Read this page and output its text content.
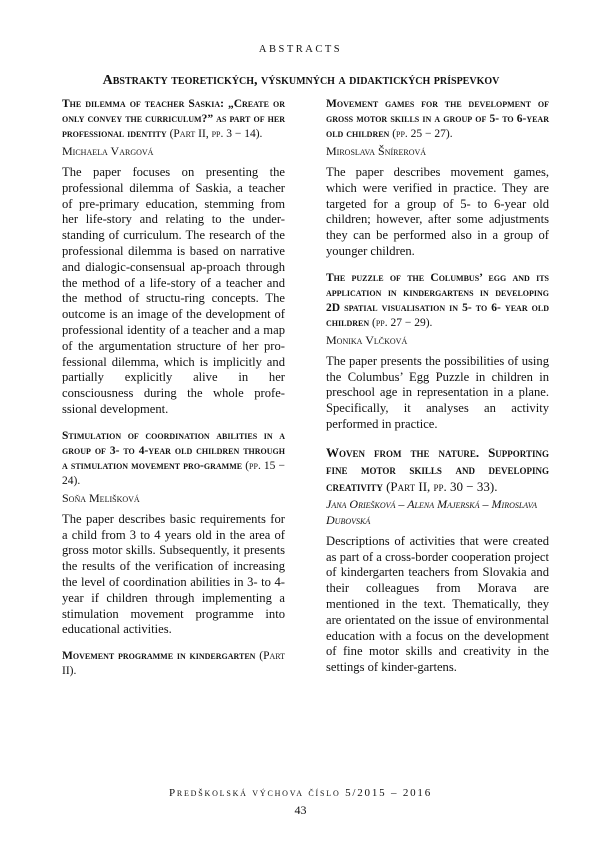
ABSTRACTS
Abstrakty teoretických, výskumných a didaktických príspevkov

The dilemma of teacher Saskia: „Create or only convey the curriculum?” as part of her professional identity (Part II, pp. 3 − 14).

Michaela Vargová

The paper focuses on presenting the professional dilemma of Saskia, a teacher of pre-primary education, stemming from her life-story and relating to the under-standing of curriculum. The research of the professional dilemma is based on narrative and dialogic-consensual ap-proach through the method of a life-story of a teacher and the method of structu-ring concepts. The outcome is an image of the development of professional identity of a teacher and a map of the argumentation structure of her pro-fessional dilemma, which is implicitly and partially explicitly alive in her consciousness during the whole profe-ssional development.

Stimulation of coordination abilities in a group of 3- to 4-year old children through a stimulation movement pro-gramme (pp. 15 − 24).

Soňa Melišková

The paper describes basic requirements for a child from 3 to 4 years old in the area of gross motor skills. Subsequently, it presents the results of the verification of increasing the level of coordination abilities in 3- to 4-year if children through implementing a stimulation movement programme into educational activities.

Movement programme in kindergarten (Part II).

Movement games for the development of gross motor skills in a group of 5- to 6-year old children (pp. 25 − 27).

Miroslava Šnírerová

The paper describes movement games, which were verified in practice. They are targeted for a group of 5- to 6-year old children; however, after some adjustments they can be performed also in a group of younger children.

The puzzle of the Columbus’ egg and its application in kindergartens in developing 2D spatial visualisation in 5- to 6- year old children (pp. 27 − 29).

Monika Vlčková

The paper presents the possibilities of using the Columbus’ Egg Puzzle in children in preschool age in representation in a plane. Specifically, it analyses an activity performed in practice.

Woven from the nature. Supporting fine motor skills and developing creativity (Part II, pp. 30 − 33).

Jana Oriešková – Alena Majerská – Miroslava Dubovská

Descriptions of activities that were created as part of a cross-border cooperation project of kindergarten teachers from Slovakia and their colleagues from Morava are mentioned in the text. Thematically, they are orientated on the issue of environmental education with a focus on the development of fine motor skills and creativity in the settings of kinder-gartens.

Predškolská výchova číslo 5/2015 – 2016
43
